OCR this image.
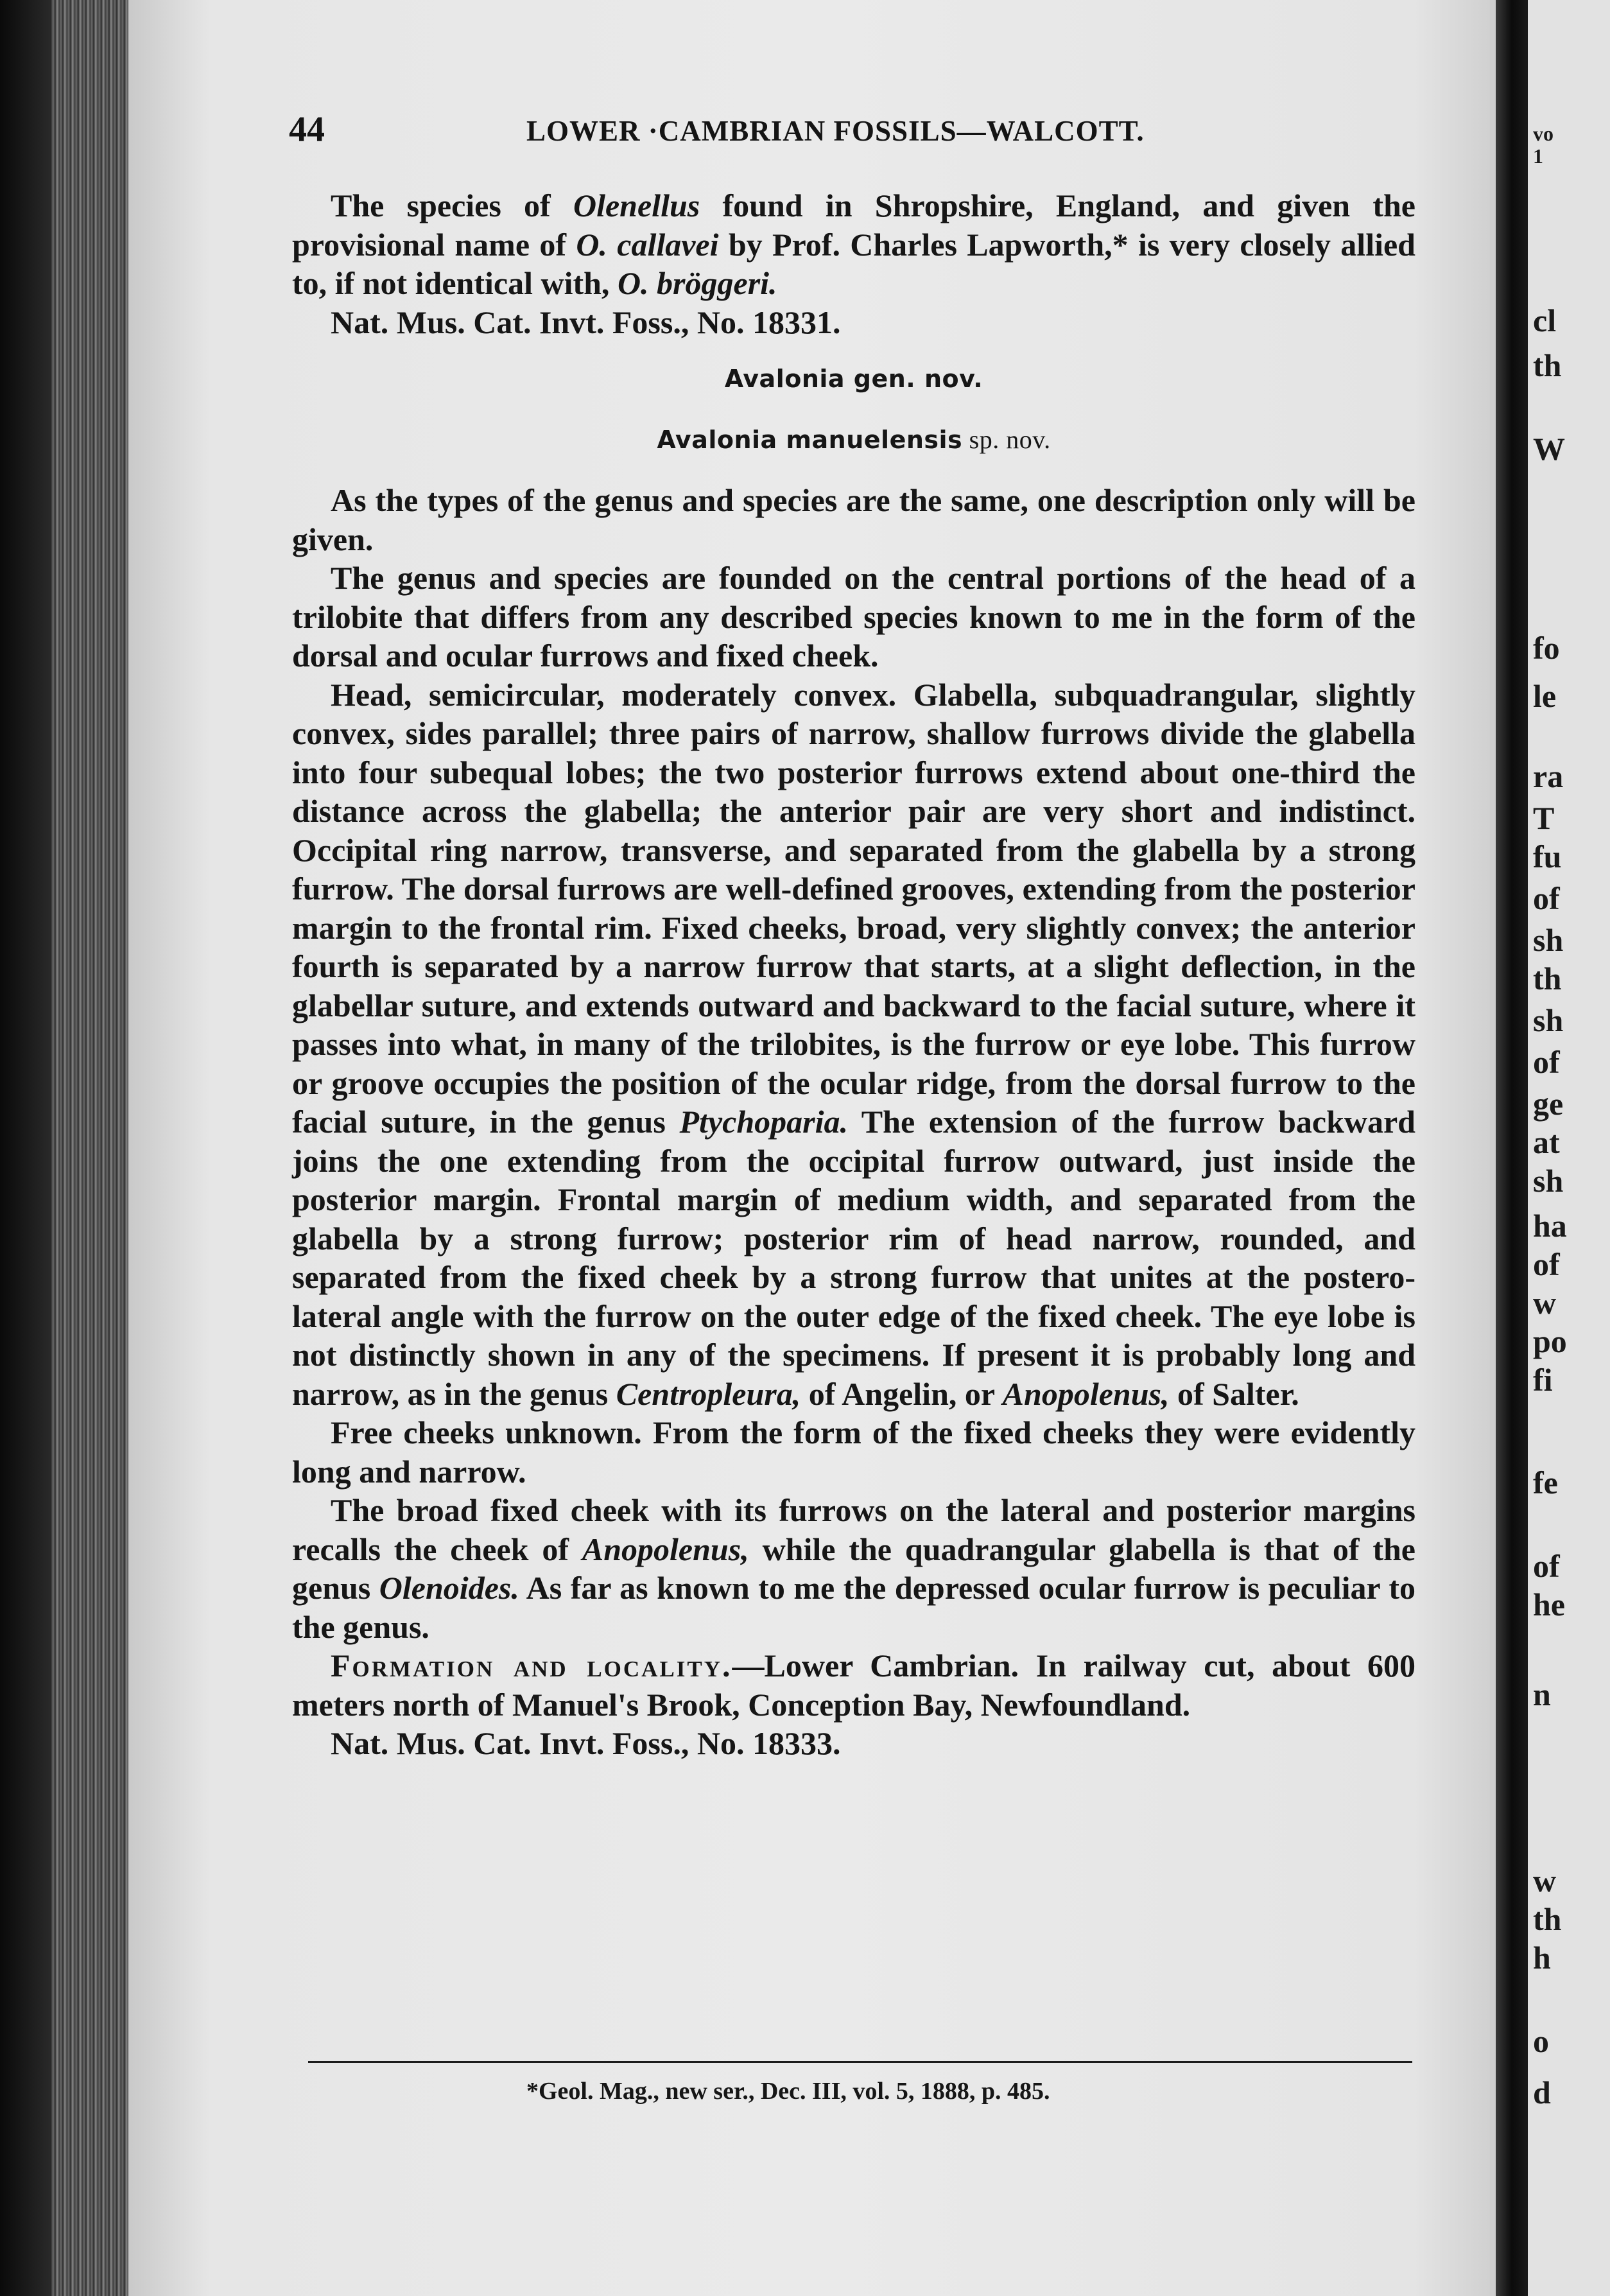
44	LOWER ·CAMBRIAN FOSSILS—WALCOTT.

The species of Olenellus found in Shropshire, England, and given the provisional name of O. callavei by Prof. Charles Lapworth,* is very closely allied to, if not identical with, O. bröggeri.

Nat. Mus. Cat. Invt. Foss., No. 18331.

Avalonia gen. nov.

Avalonia manuelensis sp. nov.

As the types of the genus and species are the same, one description only will be given.

The genus and species are founded on the central portions of the head of a trilobite that differs from any described species known to me in the form of the dorsal and ocular furrows and fixed cheek.

Head, semicircular, moderately convex. Glabella, subquadrangular, slightly convex, sides parallel; three pairs of narrow, shallow furrows divide the glabella into four subequal lobes; the two posterior furrows extend about one-third the distance across the glabella; the anterior pair are very short and indistinct. Occipital ring narrow, transverse, and separated from the glabella by a strong furrow. The dorsal furrows are well-defined grooves, extending from the posterior margin to the frontal rim. Fixed cheeks, broad, very slightly convex; the anterior fourth is separated by a narrow furrow that starts, at a slight deflection, in the glabellar suture, and extends outward and backward to the facial suture, where it passes into what, in many of the trilobites, is the furrow or eye lobe. This furrow or groove occupies the position of the ocular ridge, from the dorsal furrow to the facial suture, in the genus Ptychoparia. The extension of the furrow backward joins the one extending from the occipital furrow outward, just inside the posterior margin. Frontal margin of medium width, and separated from the glabella by a strong furrow; posterior rim of head narrow, rounded, and separated from the fixed cheek by a strong furrow that unites at the postero-lateral angle with the furrow on the outer edge of the fixed cheek. The eye lobe is not distinctly shown in any of the specimens. If present it is probably long and narrow, as in the genus Centropleura, of Angelin, or Anopolenus, of Salter.

Free cheeks unknown. From the form of the fixed cheeks they were evidently long and narrow.

The broad fixed cheek with its furrows on the lateral and posterior margins recalls the cheek of Anopolenus, while the quadrangular glabella is that of the genus Olenoides. As far as known to me the depressed ocular furrow is peculiar to the genus.

Formation and locality.—Lower Cambrian. In railway cut, about 600 meters north of Manuel's Brook, Conception Bay, Newfoundland.

Nat. Mus. Cat. Invt. Foss., No. 18333.

*Geol. Mag., new ser., Dec. III, vol. 5, 1888, p. 485.
vo
1
cl
th
W
fo
le
ra
T
fu
of
sh
th
sh
of
ge
at
sh
ha
of
w
po
fi
fe
of
he
n
w
th
h
o
d
